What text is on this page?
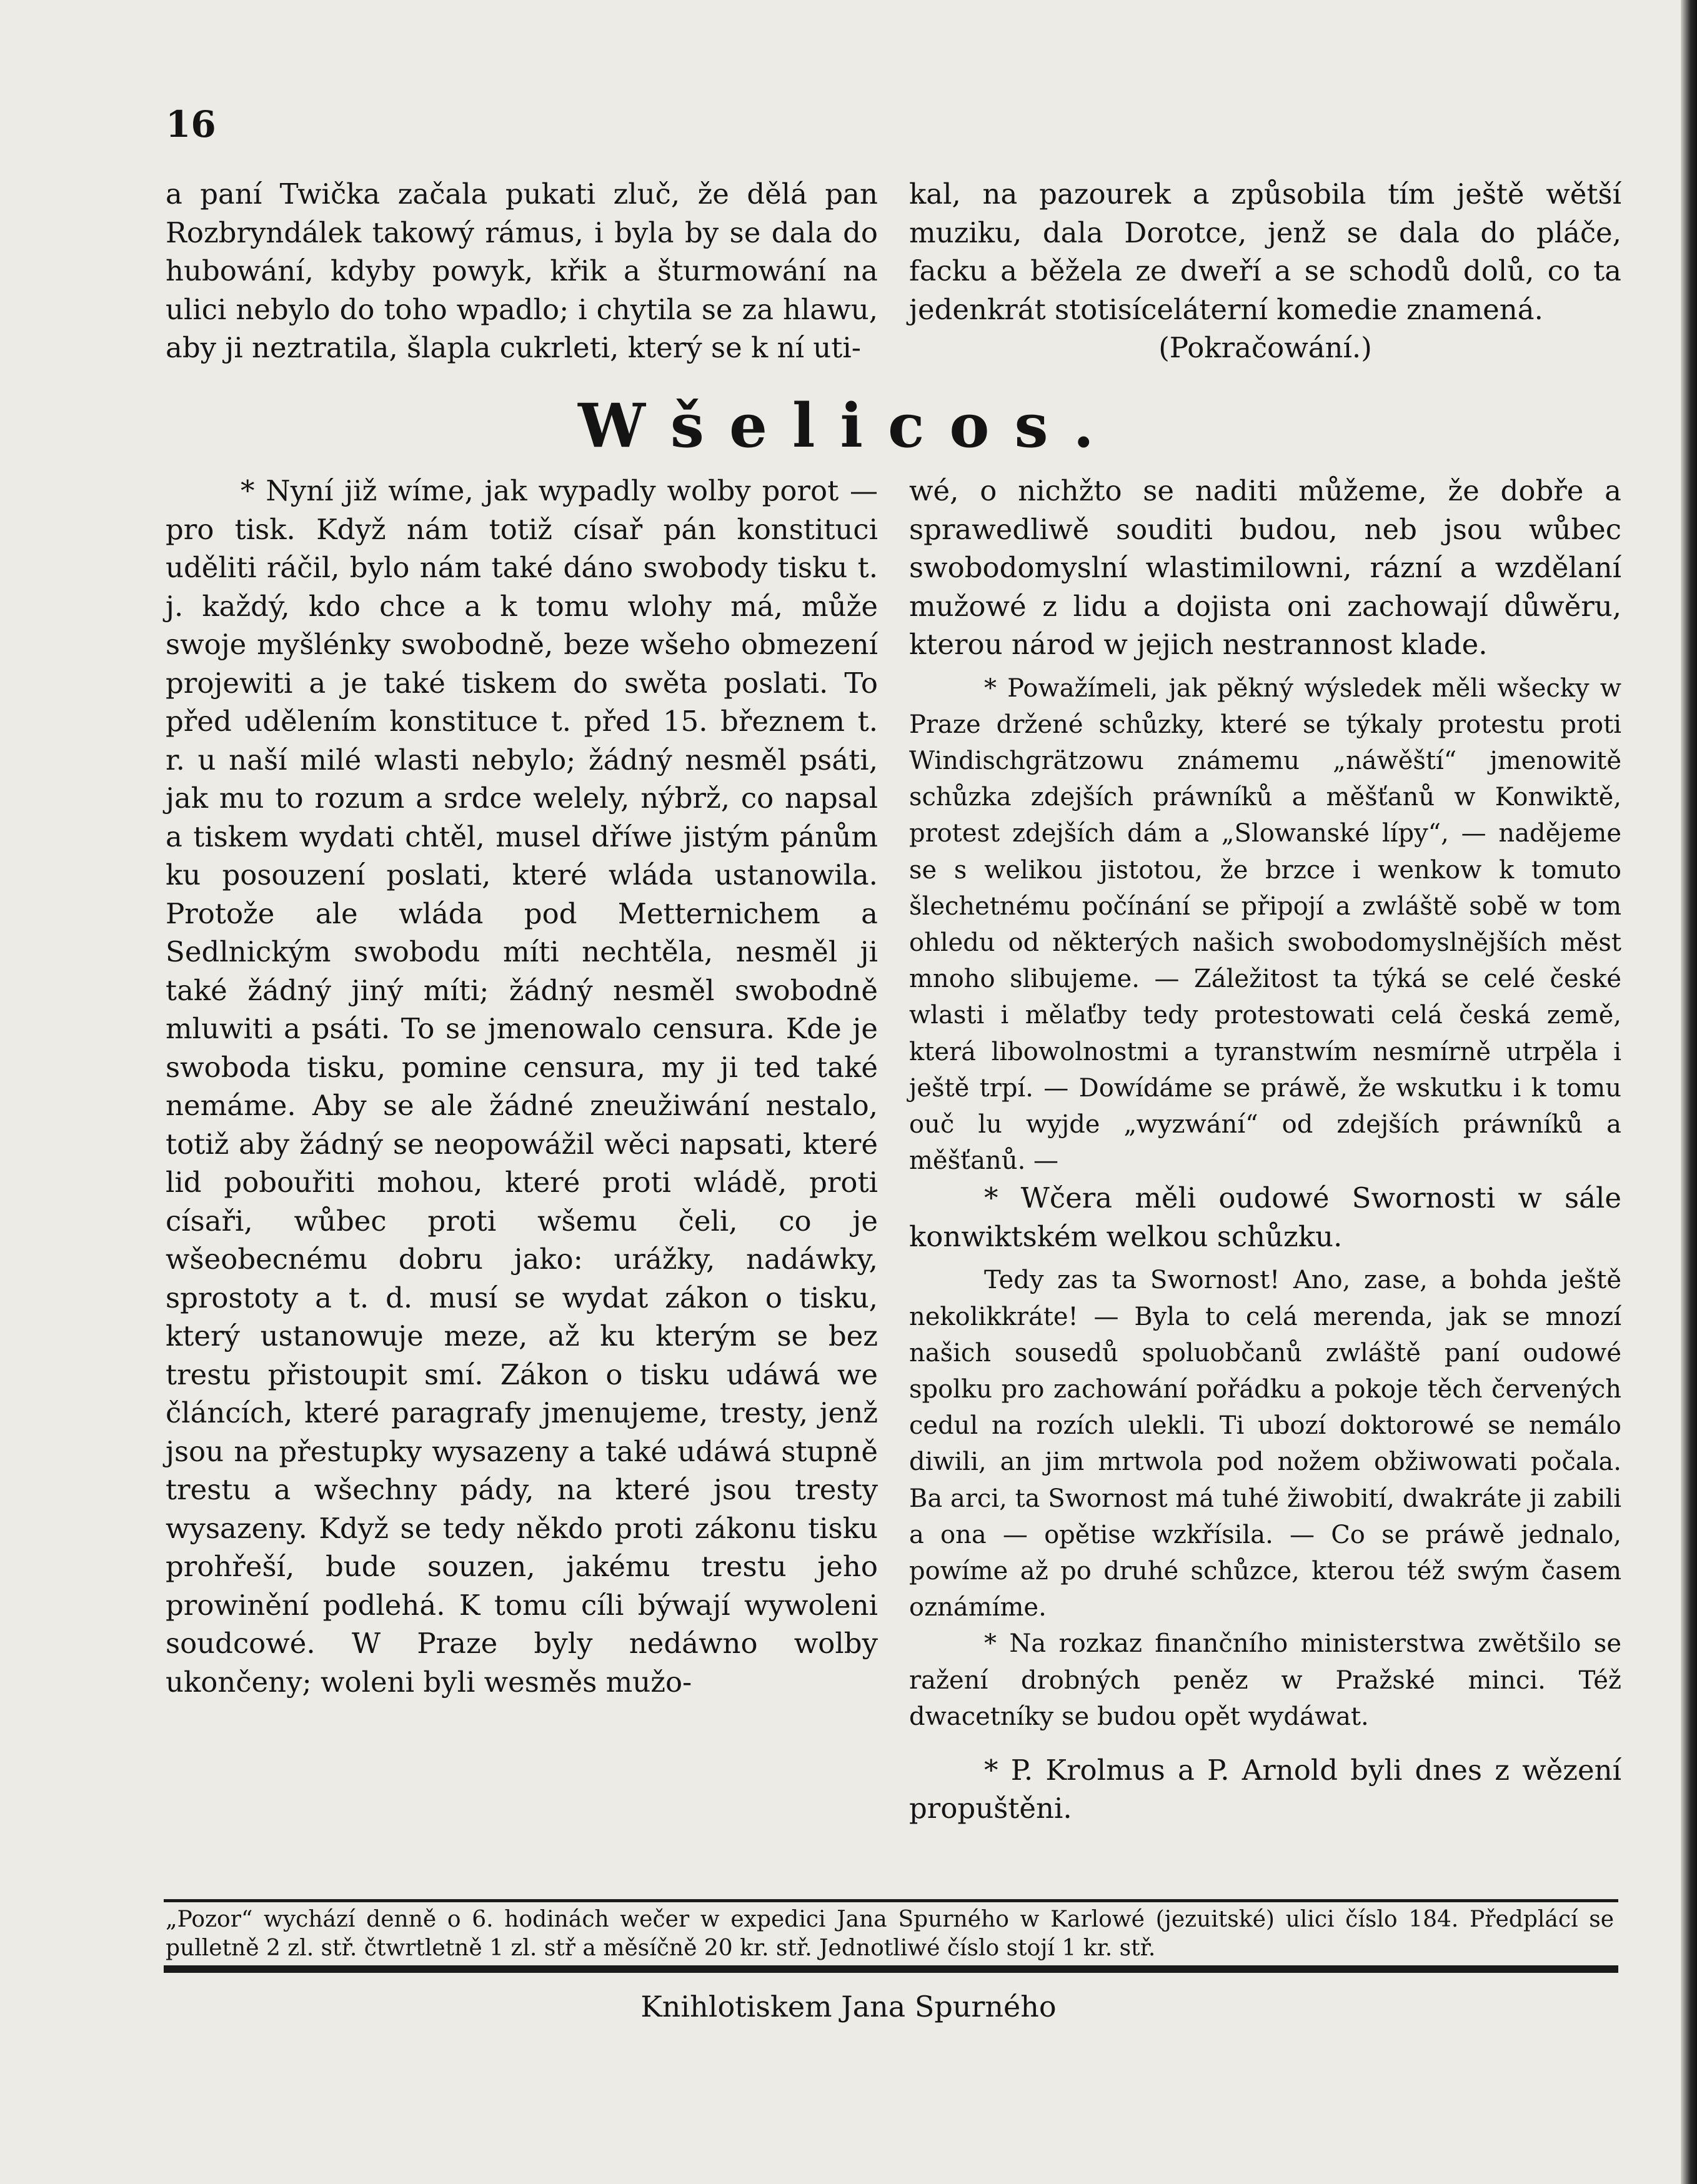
16

a paní Twička začala pukati zluč, že dělá pan Rozbryndálek takowý rámus, i byla by se dala do hubowání, kdyby powyk, křik a šturmowání na ulici nebylo do toho wpadlo; i chytila se za hlawu, aby ji neztratila, šlapla cukrleti, který se k ní uti-

kal, na pazourek a způsobila tím ještě wětší muziku, dala Dorotce, jenž se dala do pláče, facku a běžela ze dweří a se schodů dolů, co ta jedenkrát stotisíceláterní komedie znamená.

(Pokračowání.)

Wšelicos.

* Nyní již wíme, jak wypadly wolby porot — pro tisk. Když nám totiž císař pán konstituci uděliti ráčil, bylo nám také dáno swobody tisku t. j. každý, kdo chce a k tomu wlohy má, může swoje myšlénky swobodně, beze wšeho obmezení projewiti a je také tiskem do swěta poslati. To před udělením konstituce t. před 15. březnem t. r. u naší milé wlasti nebylo; žádný nesměl psáti, jak mu to rozum a srdce welely, nýbrž, co napsal a tiskem wydati chtěl, musel dříwe jistým pánům ku posouzení poslati, které wláda ustanowila. Protože ale wláda pod Metternichem a Sedlnickým swobodu míti nechtěla, nesměl ji také žádný jiný míti; žádný nesměl swobodně mluwiti a psáti. To se jmenowalo censura. Kde je swoboda tisku, pomine censura, my ji ted také nemáme. Aby se ale žádné zneužiwání nestalo, totiž aby žádný se neopowážil wěci napsati, které lid pobouřiti mohou, které proti wládě, proti císaři, wůbec proti wšemu čeli, co je wšeobecnému dobru jako: urážky, nadáwky, sprostoty a t. d. musí se wydat zákon o tisku, který ustanowuje meze, až ku kterým se bez trestu přistoupit smí. Zákon o tisku udáwá we článcích, které paragrafy jmenujeme, tresty, jenž jsou na přestupky wysazeny a také udáwá stupně trestu a wšechny pády, na které jsou tresty wysazeny. Když se tedy někdo proti zákonu tisku prohřeší, bude souzen, jakému trestu jeho prowinění podlehá. K tomu cíli býwají wywoleni soudcowé. W Praze byly nedáwno wolby ukončeny; woleni byli wesměs mužo-

wé, o nichžto se naditi můžeme, že dobře a sprawedliwě souditi budou, neb jsou wůbec swobodomyslní wlastimilowni, rázní a wzdělaní mužowé z lidu a dojista oni zachowají důwěru, kterou národ w jejich nestrannost klade.

* Powažímeli, jak pěkný wýsledek měli wšecky w Praze držené schůzky, které se týkaly protestu proti Windischgrätzowu známemu „náwěští“ jmenowitě schůzka zdejších práwníků a měšťanů w Konwiktě, protest zdejších dám a „Slowanské lípy“, — nadějeme se s welikou jistotou, že brzce i wenkow k tomuto šlechetnému počínání se připojí a zwláště sobě w tom ohledu od některých našich swobodomyslnějších měst mnoho slibujeme. — Záležitost ta týká se celé české wlasti i mělaťby tedy protestowati celá česká země, která libowolnostmi a tyranstwím nesmírně utrpěla i ještě trpí. — Dowídáme se práwě, že wskutku i k tomu ouč lu wyjde „wyzwání“ od zdejších práwníků a měšťanů. —

* Wčera měli oudowé Swornosti w sále konwiktském welkou schůzku.

Tedy zas ta Swornost! Ano, zase, a bohda ještě nekolikkráte! — Byla to celá merenda, jak se mnozí našich sousedů spoluobčanů zwláště paní oudowé spolku pro zachowání pořádku a pokoje těch červených cedul na rozích ulekli. Ti ubozí doktorowé se nemálo diwili, an jim mrtwola pod nožem obžiwowati počala. Ba arci, ta Swornost má tuhé žiwobití, dwakráte ji zabili a ona — opětise wzkřísila. — Co se práwě jednalo, powíme až po druhé schůzce, kterou též swým časem oznámíme.

* Na rozkaz finančního ministerstwa zwětšilo se ražení drobných peněz w Pražské minci. Též dwacetníky se budou opět wydáwat.

* P. Krolmus a P. Arnold byli dnes z wězení propuštěni.

„Pozor“ wychází denně o 6. hodinách wečer w expedici Jana Spurného w Karlowé (jezuitské) ulici číslo 184. Předplácí se pulletně 2 zl. stř. čtwrtletně 1 zl. stř a měsíčně 20 kr. stř. Jednotliwé číslo stojí 1 kr. stř.
Knihlotiskem Jana Spurného
